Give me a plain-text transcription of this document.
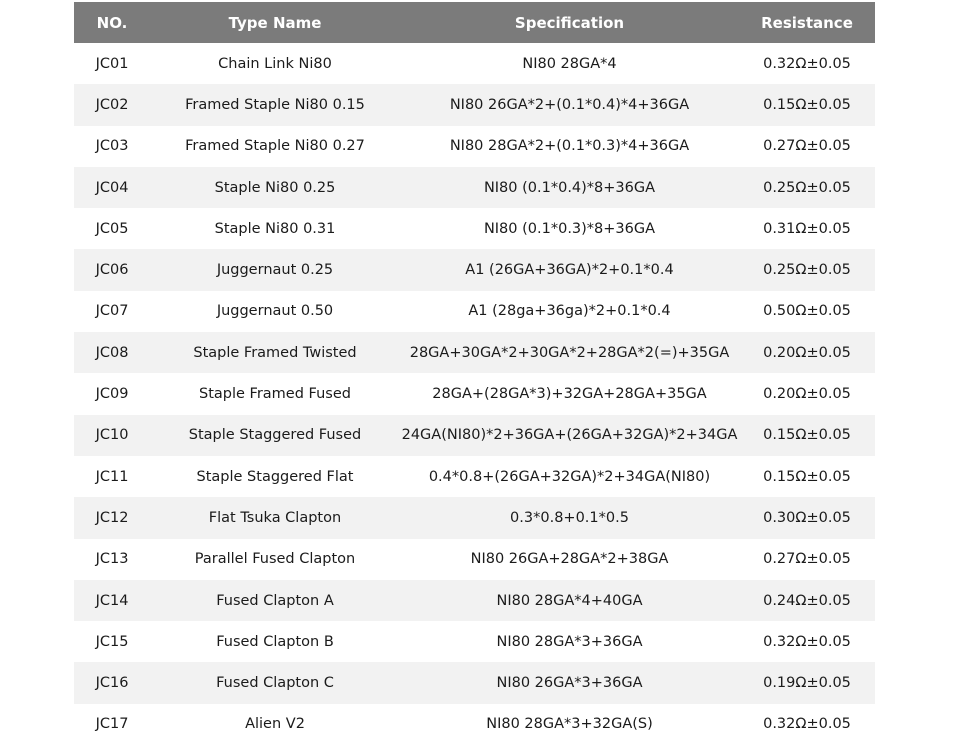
NO.	Type Name	Specification	Resistance
JC01	Chain Link Ni80	NI80 28GA*4	0.32Ω±0.05
JC02	Framed Staple Ni80 0.15	NI80 26GA*2+(0.1*0.4)*4+36GA	0.15Ω±0.05
JC03	Framed Staple Ni80 0.27	NI80 28GA*2+(0.1*0.3)*4+36GA	0.27Ω±0.05
JC04	Staple Ni80 0.25	NI80 (0.1*0.4)*8+36GA	0.25Ω±0.05
JC05	Staple Ni80 0.31	NI80 (0.1*0.3)*8+36GA	0.31Ω±0.05
JC06	Juggernaut 0.25	A1 (26GA+36GA)*2+0.1*0.4	0.25Ω±0.05
JC07	Juggernaut 0.50	A1 (28ga+36ga)*2+0.1*0.4	0.50Ω±0.05
JC08	Staple Framed Twisted	28GA+30GA*2+30GA*2+28GA*2(=)+35GA	0.20Ω±0.05
JC09	Staple Framed Fused	28GA+(28GA*3)+32GA+28GA+35GA	0.20Ω±0.05
JC10	Staple Staggered Fused	24GA(NI80)*2+36GA+(26GA+32GA)*2+34GA	0.15Ω±0.05
JC11	Staple Staggered Flat	0.4*0.8+(26GA+32GA)*2+34GA(NI80)	0.15Ω±0.05
JC12	Flat Tsuka Clapton	0.3*0.8+0.1*0.5	0.30Ω±0.05
JC13	Parallel Fused Clapton	NI80 26GA+28GA*2+38GA	0.27Ω±0.05
JC14	Fused Clapton A	NI80 28GA*4+40GA	0.24Ω±0.05
JC15	Fused Clapton B	NI80 28GA*3+36GA	0.32Ω±0.05
JC16	Fused Clapton C	NI80 26GA*3+36GA	0.19Ω±0.05
JC17	Alien V2	NI80 28GA*3+32GA(S)	0.32Ω±0.05
